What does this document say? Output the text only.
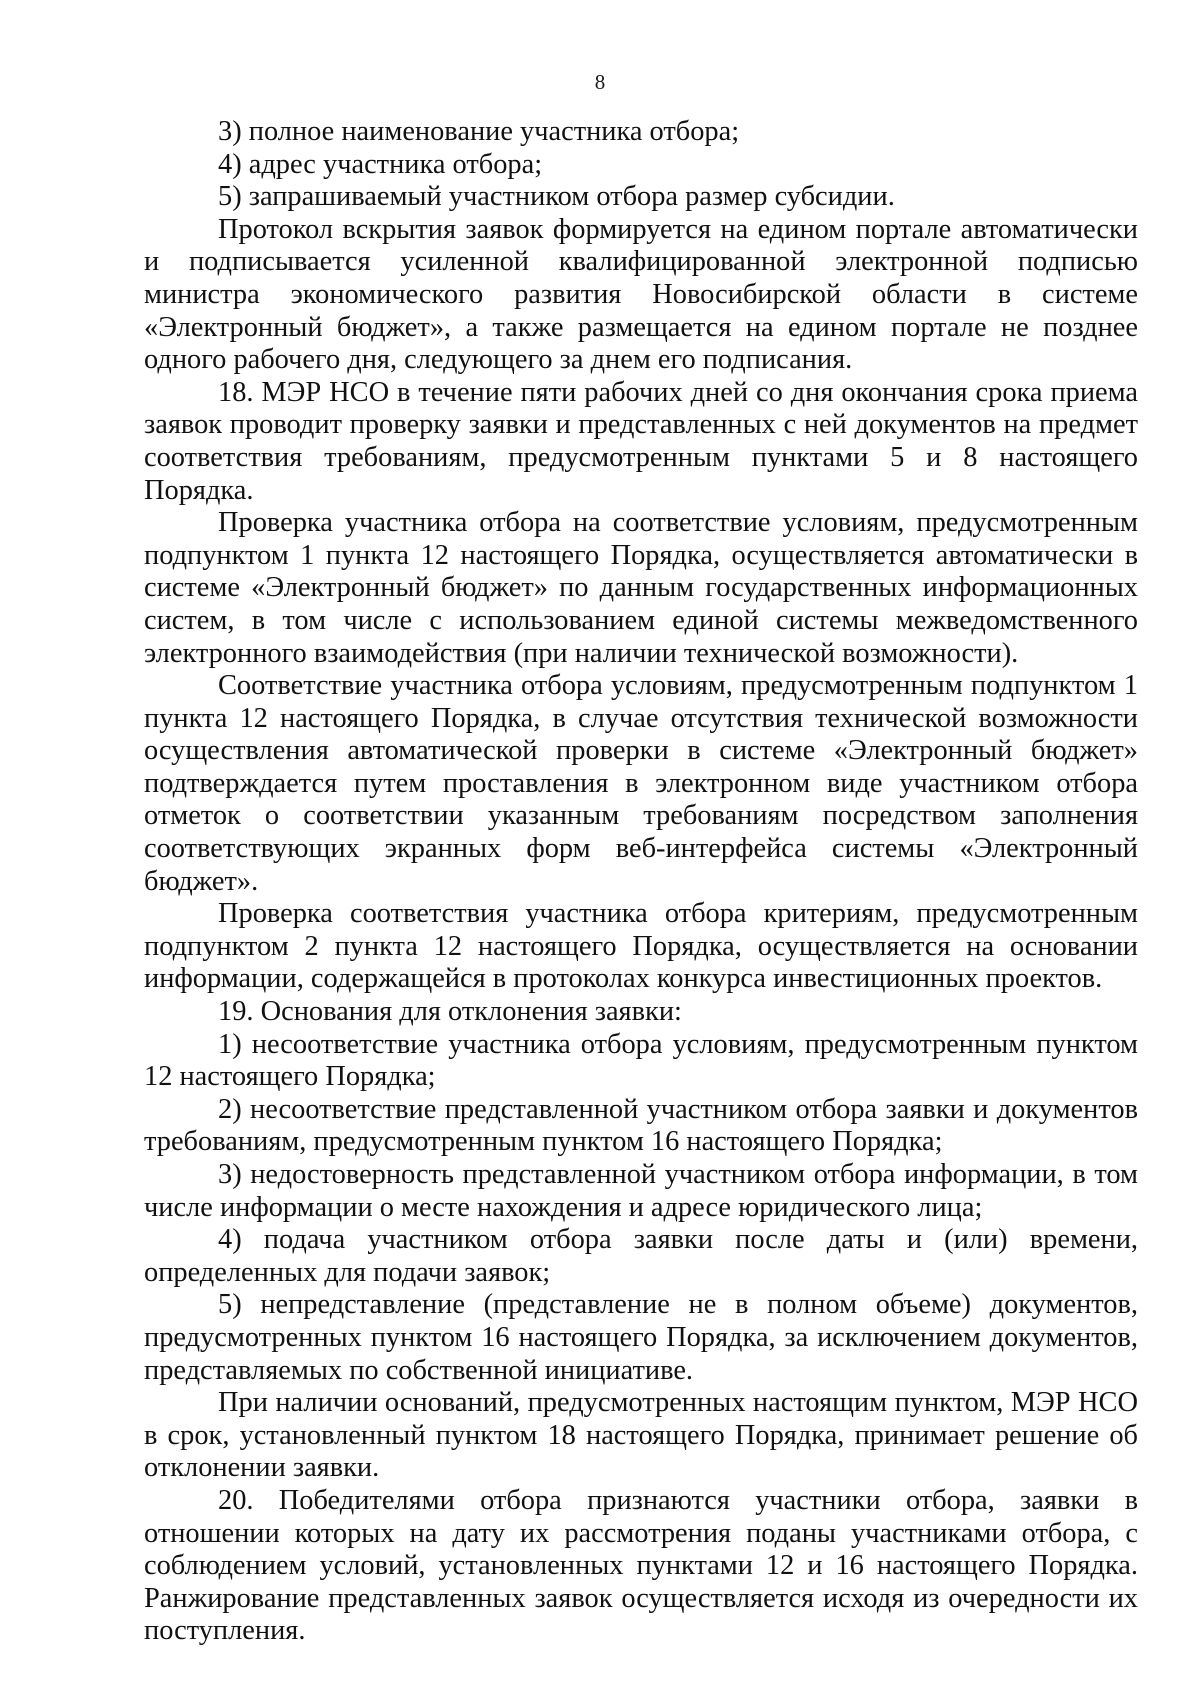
8

3) полное наименование участника отбора;

4) адрес участника отбора;

5) запрашиваемый участником отбора размер субсидии.

Протокол вскрытия заявок формируется на едином портале автоматически и подписывается усиленной квалифицированной электронной подписью министра экономического развития Новосибирской области в системе «Электронный бюджет», а также размещается на едином портале не позднее одного рабочего дня, следующего за днем его подписания.

18. МЭР НСО в течение пяти рабочих дней со дня окончания срока приема заявок проводит проверку заявки и представленных с ней документов на предмет соответствия требованиям, предусмотренным пунктами 5 и 8 настоящего Порядка.

Проверка участника отбора на соответствие условиям, предусмотренным подпунктом 1 пункта 12 настоящего Порядка, осуществляется автоматически в системе «Электронный бюджет» по данным государственных информационных систем, в том числе с использованием единой системы межведомственного электронного взаимодействия (при наличии технической возможности).

Соответствие участника отбора условиям, предусмотренным подпунктом 1 пункта 12 настоящего Порядка, в случае отсутствия технической возможности осуществления автоматической проверки в системе «Электронный бюджет» подтверждается путем проставления в электронном виде участником отбора отметок о соответствии указанным требованиям посредством заполнения соответствующих экранных форм веб-интерфейса системы «Электронный бюджет».

Проверка соответствия участника отбора критериям, предусмотренным подпунктом 2 пункта 12 настоящего Порядка, осуществляется на основании информации, содержащейся в протоколах конкурса инвестиционных проектов.

19. Основания для отклонения заявки:

1) несоответствие участника отбора условиям, предусмотренным пунктом 12 настоящего Порядка;

2) несоответствие представленной участником отбора заявки и документов требованиям, предусмотренным пунктом 16 настоящего Порядка;

3) недостоверность представленной участником отбора информации, в том числе информации о месте нахождения и адресе юридического лица;

4) подача участником отбора заявки после даты и (или) времени, определенных для подачи заявок;

5) непредставление (представление не в полном объеме) документов, предусмотренных пунктом 16 настоящего Порядка, за исключением документов, представляемых по собственной инициативе.

При наличии оснований, предусмотренных настоящим пунктом, МЭР НСО в срок, установленный пунктом 18 настоящего Порядка, принимает решение об отклонении заявки.

20. Победителями отбора признаются участники отбора, заявки в отношении которых на дату их рассмотрения поданы участниками отбора, с соблюдением условий, установленных пунктами 12 и 16 настоящего Порядка. Ранжирование представленных заявок осуществляется исходя из очередности их поступления.
